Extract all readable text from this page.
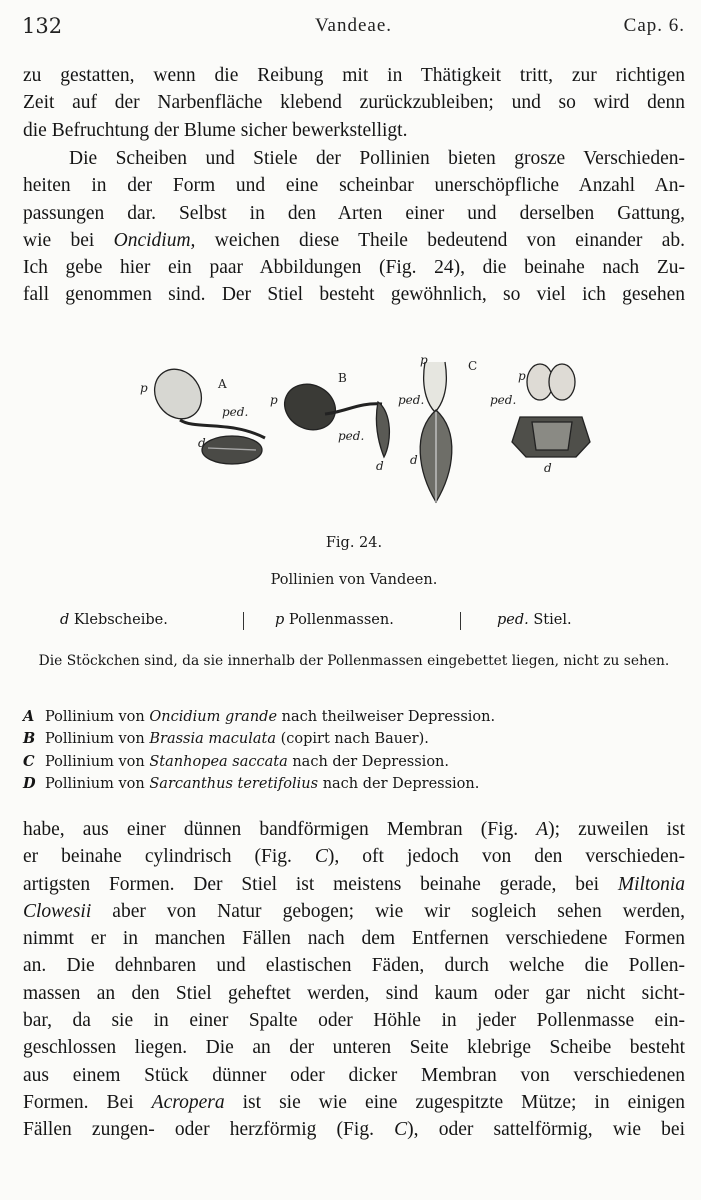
132	Vandeae.	Cap. 6.

zu gestatten, wenn die Reibung mit in Thätigkeit tritt, zur richtigen
Zeit auf der Narbenfläche klebend zurückzubleiben; und so wird denn
die Befruchtung der Blume sicher bewerkstelligt.

Die Scheiben und Stiele der Pollinien bieten grosze Verschieden-
heiten in der Form und eine scheinbar unerschöpfliche Anzahl An-
passungen dar. Selbst in den Arten einer und derselben Gattung,
wie bei Oncidium, weichen diese Theile bedeutend von einander ab.
Ich gebe hier ein paar Abbildungen (Fig. 24), die beinahe nach Zu-
fall genommen sind. Der Stiel besteht gewöhnlich, so viel ich gesehen

p	A
ped.
d
B
p
ped.
d
C
p
ped.
d
p
ped.
d
Fig. 24.
Pollinien von Vandeen.
d Klebscheibe.	p Pollenmassen.	ped. Stiel.
Die Stöckchen sind, da sie innerhalb der Pollenmassen eingebettet liegen, nicht zu sehen.
A Pollinium von Oncidium grande nach theilweiser Depression.
B Pollinium von Brassia maculata (copirt nach Bauer).
C Pollinium von Stanhopea saccata nach der Depression.
D Pollinium von Sarcanthus teretifolius nach der Depression.

habe, aus einer dünnen bandförmigen Membran (Fig. A); zuweilen ist
er beinahe cylindrisch (Fig. C), oft jedoch von den verschieden-
artigsten Formen. Der Stiel ist meistens beinahe gerade, bei Miltonia
Clowesii aber von Natur gebogen; wie wir sogleich sehen werden,
nimmt er in manchen Fällen nach dem Entfernen verschiedene Formen
an. Die dehnbaren und elastischen Fäden, durch welche die Pollen-
massen an den Stiel geheftet werden, sind kaum oder gar nicht sicht-
bar, da sie in einer Spalte oder Höhle in jeder Pollenmasse ein-
geschlossen liegen. Die an der unteren Seite klebrige Scheibe besteht
aus einem Stück dünner oder dicker Membran von verschiedenen
Formen. Bei Acropera ist sie wie eine zugespitzte Mütze; in einigen
Fällen zungen- oder herzförmig (Fig. C), oder sattelförmig, wie bei
